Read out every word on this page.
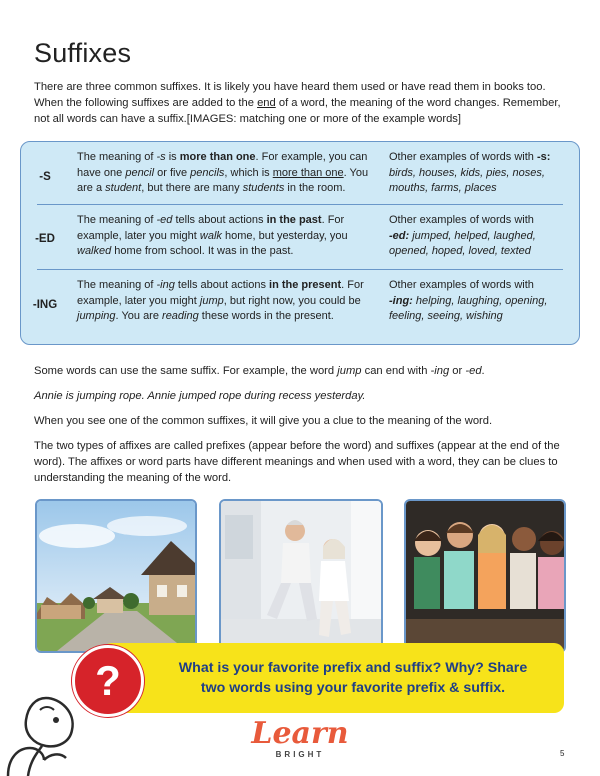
Suffixes
There are three common suffixes. It is likely you have heard them used or have read them in books too.
When the following suffixes are added to the end of a word, the meaning of the word changes. Remember,
not all words can have a suffix.[IMAGES: matching one or more of the example words]
-S
The meaning of -s is more than one. For example, you can have one pencil or five pencils, which is more than one. You are a student, but there are many students in the room.
Other examples of words with -s:
birds, houses, kids, pies, noses, mouths, farms, places
-ED
The meaning of -ed tells about actions in the past. For example, later you might walk home, but yesterday, you walked home from school. It was in the past.
Other examples of words with
-ed: jumped, helped, laughed, opened, hoped, loved, texted
-ING
The meaning of -ing tells about actions in the present. For example, later you might jump, but right now, you could be jumping. You are reading these words in the present.
Other examples of words with
-ing: helping, laughing, opening, feeling, seeing, wishing
Some words can use the same suffix. For example, the word jump can end with -ing or -ed.
Annie is jumping rope. Annie jumped rope during recess yesterday.
When you see one of the common suffixes, it will give you a clue to the meaning of the word.
The two types of affixes are called prefixes (appear before the word) and suffixes (appear at the end of the word). The affixes or word parts have different meanings and when used with a word, they can be clues to understanding the meaning of the word.
What is your favorite prefix and suffix? Why? Share
two words using your favorite prefix & suffix.
?
Learn
BRIGHT	5
